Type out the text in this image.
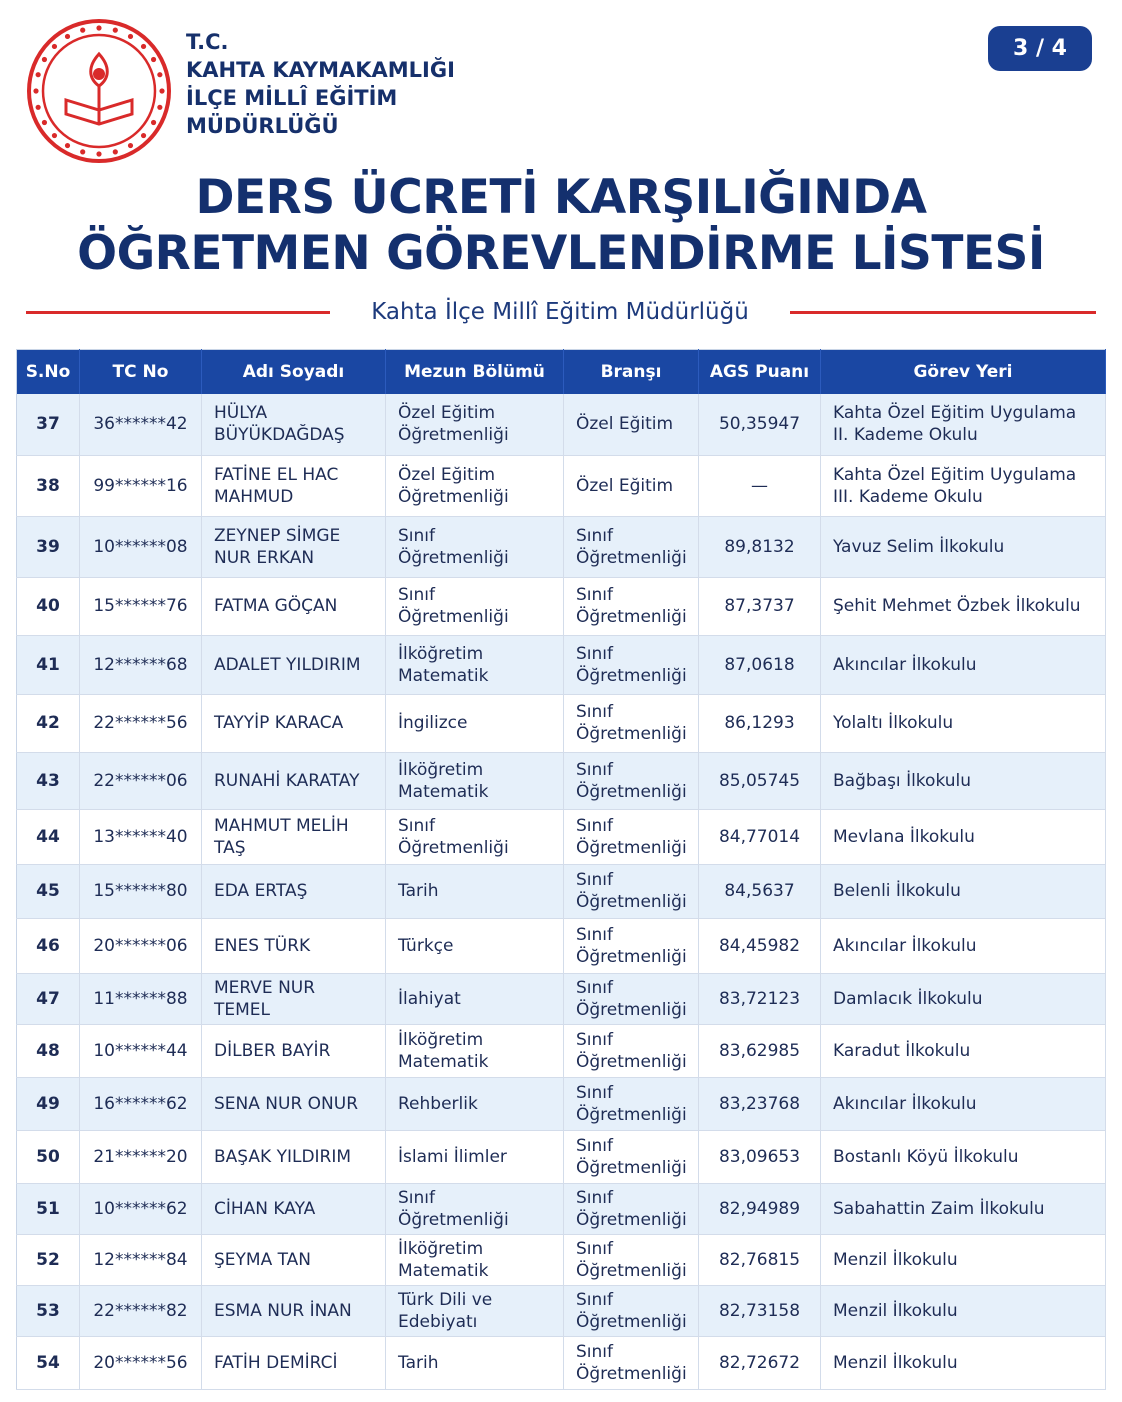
T.C.
KAHTA KAYMAKAMLIĞI
İLÇE MİLLÎ EĞİTİM
MÜDÜRLÜĞÜ
3 / 4
DERS ÜCRETİ KARŞILIĞINDA
ÖĞRETMEN GÖREVLENDİRME LİSTESİ
Kahta İlçe Millî Eğitim Müdürlüğü
S.No	TC No	Adı Soyadı	Mezun Bölümü	Branşı	AGS Puanı	Görev Yeri
37	36******42	HÜLYA BÜYÜKDAĞDAŞ	Özel Eğitim Öğretmenliği	Özel Eğitim	50,35947	Kahta Özel Eğitim Uygulama II. Kademe Okulu
38	99******16	FATİNE EL HAC MAHMUD	Özel Eğitim Öğretmenliği	Özel Eğitim	—	Kahta Özel Eğitim Uygulama III. Kademe Okulu
39	10******08	ZEYNEP SİMGE NUR ERKAN	Sınıf Öğretmenliği	Sınıf Öğretmenliği	89,8132	Yavuz Selim İlkokulu
40	15******76	FATMA GÖÇAN	Sınıf Öğretmenliği	Sınıf Öğretmenliği	87,3737	Şehit Mehmet Özbek İlkokulu
41	12******68	ADALET YILDIRIM	İlköğretim Matematik	Sınıf Öğretmenliği	87,0618	Akıncılar İlkokulu
42	22******56	TAYYİP KARACA	İngilizce	Sınıf Öğretmenliği	86,1293	Yolaltı İlkokulu
43	22******06	RUNAHİ KARATAY	İlköğretim Matematik	Sınıf Öğretmenliği	85,05745	Bağbaşı İlkokulu
44	13******40	MAHMUT MELİH TAŞ	Sınıf Öğretmenliği	Sınıf Öğretmenliği	84,77014	Mevlana İlkokulu
45	15******80	EDA ERTAŞ	Tarih	Sınıf Öğretmenliği	84,5637	Belenli İlkokulu
46	20******06	ENES TÜRK	Türkçe	Sınıf Öğretmenliği	84,45982	Akıncılar İlkokulu
47	11******88	MERVE NUR TEMEL	İlahiyat	Sınıf Öğretmenliği	83,72123	Damlacık İlkokulu
48	10******44	DİLBER BAYİR	İlköğretim Matematik	Sınıf Öğretmenliği	83,62985	Karadut İlkokulu
49	16******62	SENA NUR ONUR	Rehberlik	Sınıf Öğretmenliği	83,23768	Akıncılar İlkokulu
50	21******20	BAŞAK YILDIRIM	İslami İlimler	Sınıf Öğretmenliği	83,09653	Bostanlı Köyü İlkokulu
51	10******62	CİHAN KAYA	Sınıf Öğretmenliği	Sınıf Öğretmenliği	82,94989	Sabahattin Zaim İlkokulu
52	12******84	ŞEYMA TAN	İlköğretim Matematik	Sınıf Öğretmenliği	82,76815	Menzil İlkokulu
53	22******82	ESMA NUR İNAN	Türk Dili ve Edebiyatı	Sınıf Öğretmenliği	82,73158	Menzil İlkokulu
54	20******56	FATİH DEMİRCİ	Tarih	Sınıf Öğretmenliği	82,72672	Menzil İlkokulu
